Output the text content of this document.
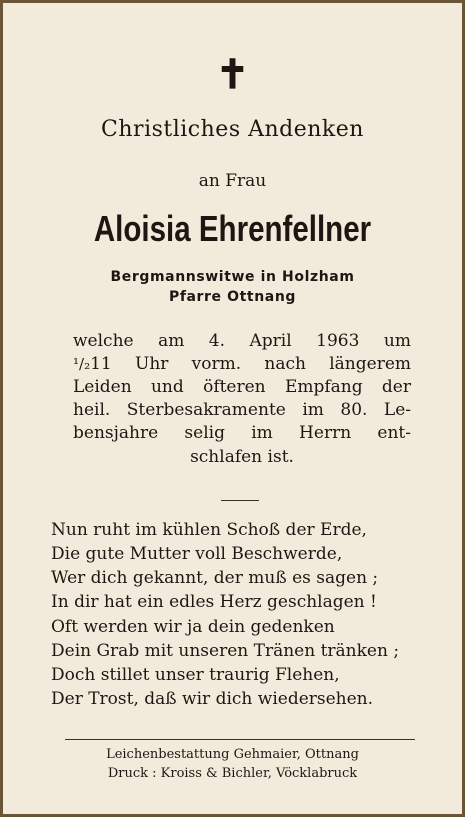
✝
Christliches Andenken
an Frau
Aloisia Ehrenfellner
Bergmannswitwe in Holzham
Pfarre Ottnang
welche am 4. April 1963 um
¹/₂11 Uhr vorm. nach längerem
Leiden und öfteren Empfang der
heil. Sterbesakramente im 80. Le-
bensjahre selig im Herrn ent-
schlafen ist.
Nun ruht im kühlen Schoß der Erde,
Die gute Mutter voll Beschwerde,
Wer dich gekannt, der muß es sagen ;
In dir hat ein edles Herz geschlagen !
Oft werden wir ja dein gedenken
Dein Grab mit unseren Tränen tränken ;
Doch stillet unser traurig Flehen,
Der Trost, daß wir dich wiedersehen.
Leichenbestattung Gehmaier, Ottnang
Druck : Kroiss & Bichler, Vöcklabruck
